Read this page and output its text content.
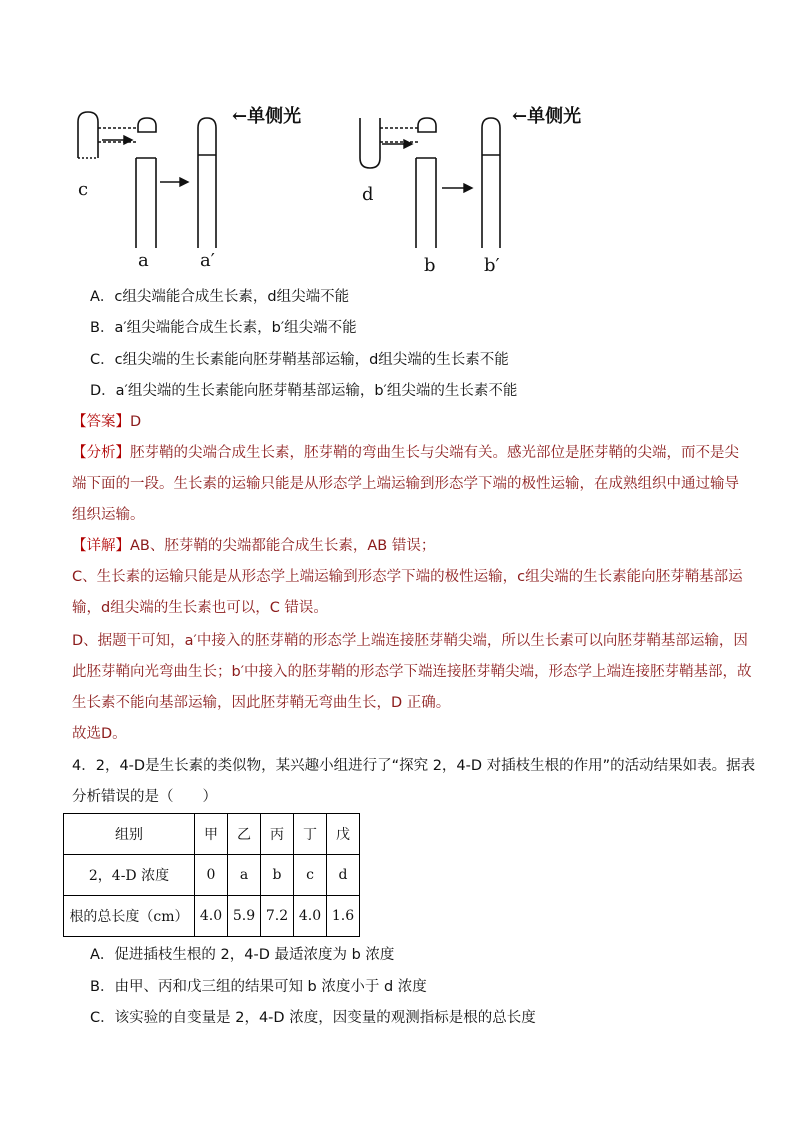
←单侧光	←单侧光
c
a	a′
d
b	b′
A．c组尖端能合成生长素，d组尖端不能
B．a′组尖端能合成生长素，b′组尖端不能
C．c组尖端的生长素能向胚芽鞘基部运输，d组尖端的生长素不能
D．a′组尖端的生长素能向胚芽鞘基部运输，b′组尖端的生长素不能
【答案】D
【分析】胚芽鞘的尖端合成生长素，胚芽鞘的弯曲生长与尖端有关。感光部位是胚芽鞘的尖端，而不是尖
端下面的一段。生长素的运输只能是从形态学上端运输到形态学下端的极性运输，在成熟组织中通过输导
组织运输。
【详解】AB、胚芽鞘的尖端都能合成生长素，AB 错误；
C、生长素的运输只能是从形态学上端运输到形态学下端的极性运输，c组尖端的生长素能向胚芽鞘基部运
输，d组尖端的生长素也可以，C 错误。
D、据题干可知，a′中接入的胚芽鞘的形态学上端连接胚芽鞘尖端，所以生长素可以向胚芽鞘基部运输，因
此胚芽鞘向光弯曲生长；b′中接入的胚芽鞘的形态学下端连接胚芽鞘尖端，形态学上端连接胚芽鞘基部，故
生长素不能向基部运输，因此胚芽鞘无弯曲生长，D 正确。
故选D。
4．2，4-D是生长素的类似物，某兴趣小组进行了“探究 2，4-D 对插枝生根的作用”的活动结果如表。据表
分析错误的是（　　）
组别	甲	乙	丙	丁	戊
2，4-D 浓度	0	a	b	c	d
根的总长度（cm）	4.0	5.9	7.2	4.0	1.6
A．促进插枝生根的 2，4-D 最适浓度为 b 浓度
B．由甲、丙和戊三组的结果可知 b 浓度小于 d 浓度
C．该实验的自变量是 2，4-D 浓度，因变量的观测指标是根的总长度
